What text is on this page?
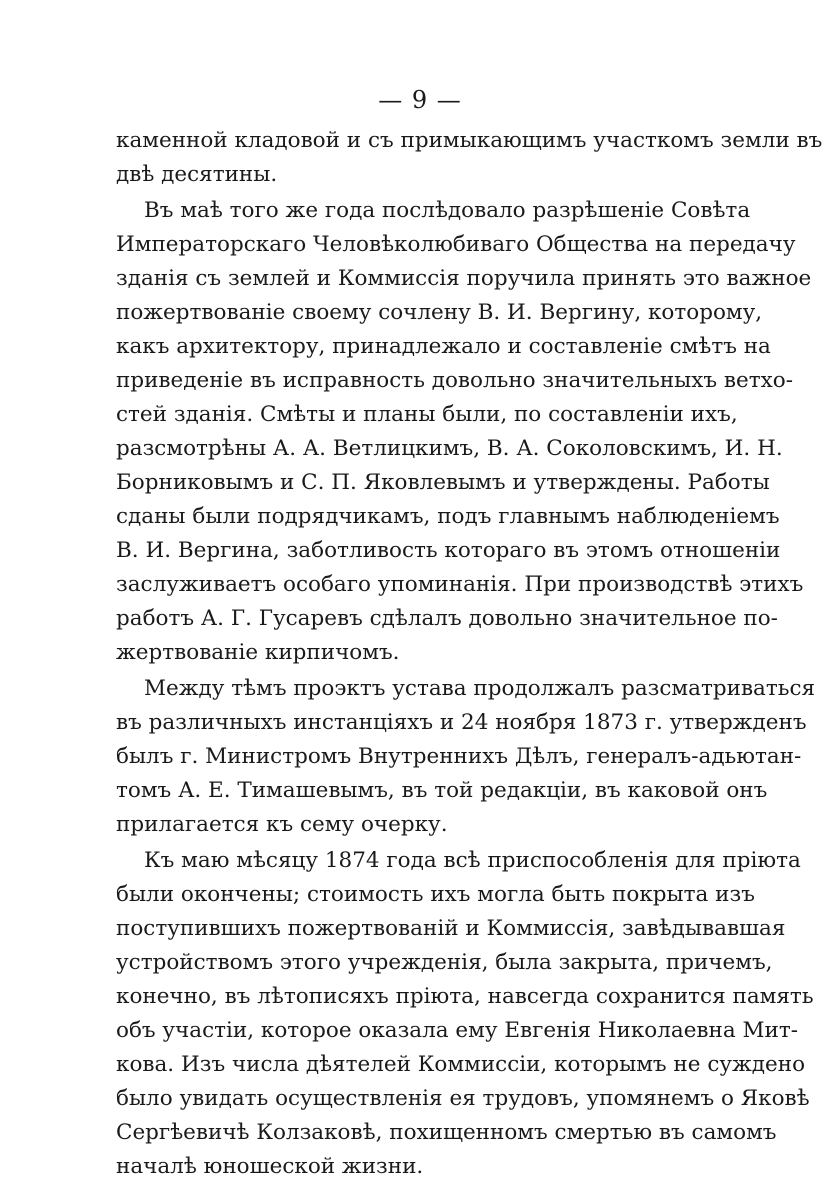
— 9 —
каменной кладовой и съ примыкающимъ участкомъ земли въ
двѣ десятины.
Въ маѣ того же года послѣдовало разрѣшеніе Совѣта
Императорскаго Человѣколюбиваго Общества на передачу
зданія съ землей и Коммиссія поручила принять это важное
пожертвованіе своему сочлену В. И. Вергину, которому,
какъ архитектору, принадлежало и составленіе смѣтъ на
приведеніе въ исправность довольно значительныхъ ветхо-
стей зданія. Смѣты и планы были, по составленіи ихъ,
разсмотрѣны А. А. Ветлицкимъ, В. А. Соколовскимъ, И. Н.
Борниковымъ и С. П. Яковлевымъ и утверждены. Работы
сданы были подрядчикамъ, подъ главнымъ наблюденіемъ
В. И. Вергина, заботливость котораго въ этомъ отношеніи
заслуживаетъ особаго упоминанія. При производствѣ этихъ
работъ А. Г. Гусаревъ сдѣлалъ довольно значительное по-
жертвованіе кирпичомъ.
Между тѣмъ проэктъ устава продолжалъ разсматриваться
въ различныхъ инстанціяхъ и 24 ноября 1873 г. утвержденъ
былъ г. Министромъ Внутреннихъ Дѣлъ, генералъ-адьютан-
томъ А. Е. Тимашевымъ, въ той редакціи, въ каковой онъ
прилагается къ сему очерку.
Къ маю мѣсяцу 1874 года всѣ приспособленія для пріюта
были окончены; стоимость ихъ могла быть покрыта изъ
поступившихъ пожертвованій и Коммиссія, завѣдывавшая
устройствомъ этого учрежденія, была закрыта, причемъ,
конечно, въ лѣтописяхъ пріюта, навсегда сохранится память
объ участіи, которое оказала ему Евгенія Николаевна Мит-
кова. Изъ числа дѣятелей Коммиссіи, которымъ не суждено
было увидать осуществленія ея трудовъ, упомянемъ о Яковѣ
Сергѣевичѣ Колзаковѣ, похищенномъ смертью въ самомъ
началѣ юношеской жизни.
